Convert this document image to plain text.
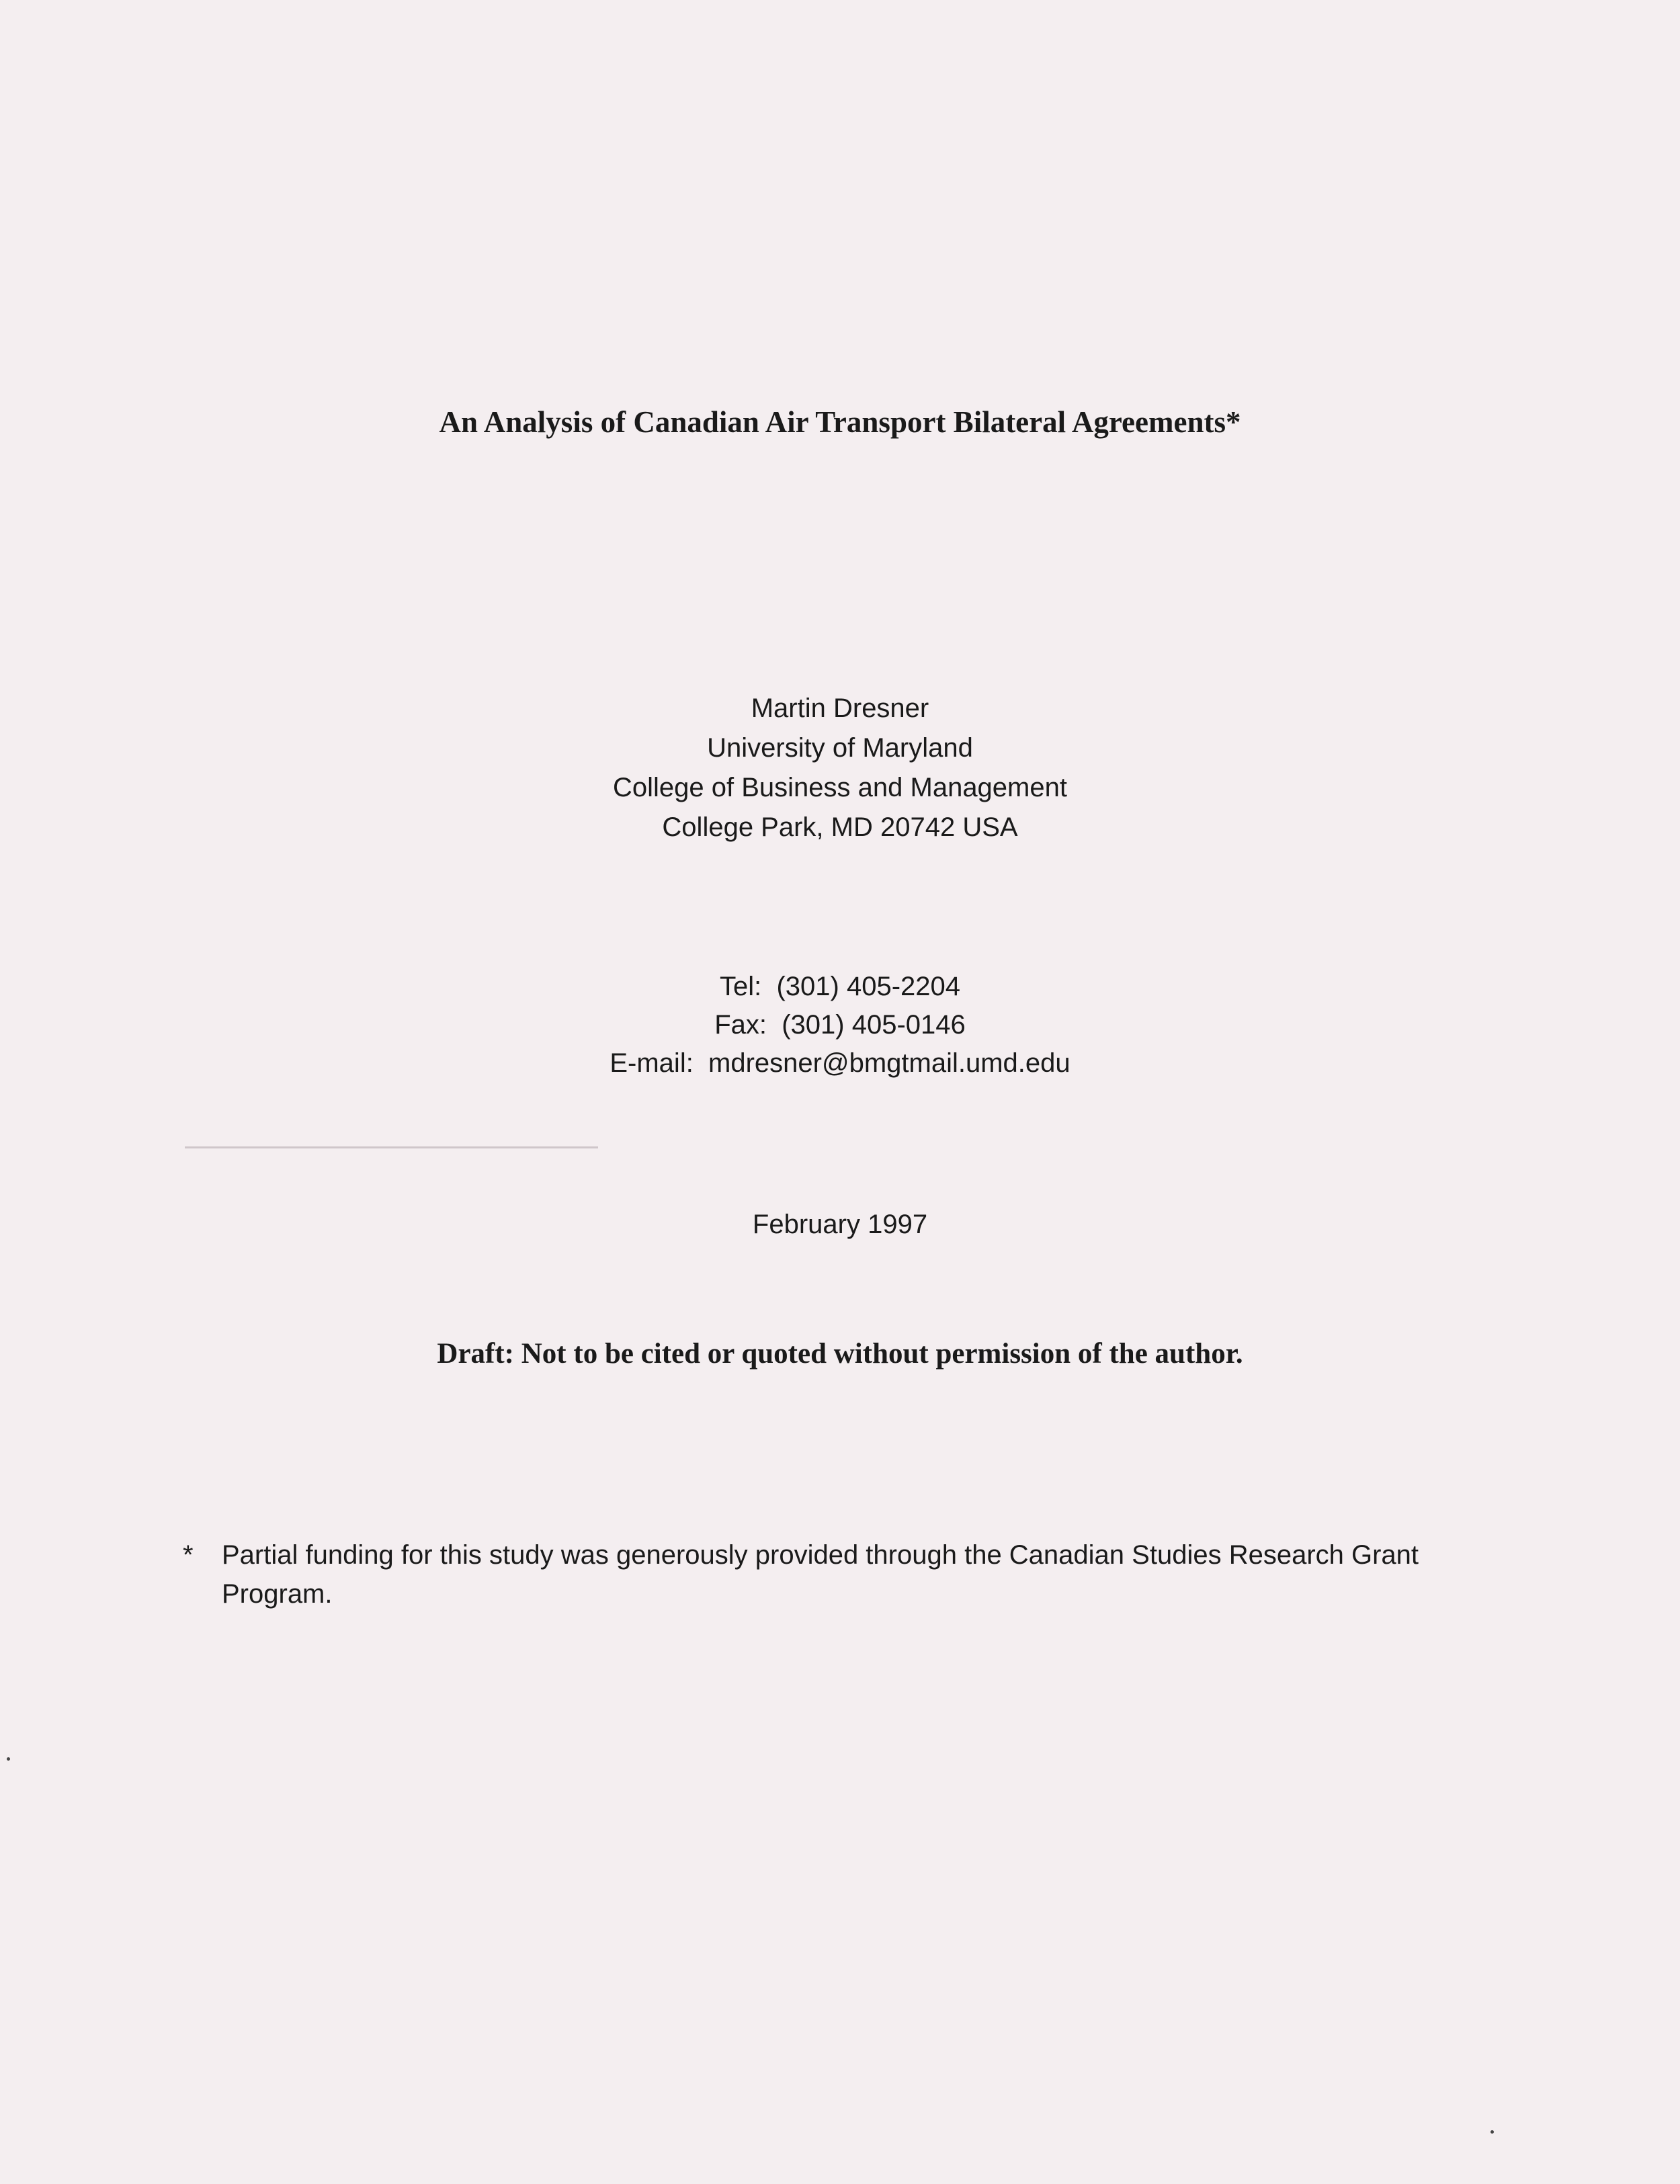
An Analysis of Canadian Air Transport Bilateral Agreements*
Martin Dresner
University of Maryland
College of Business and Management
College Park, MD 20742 USA
Tel: (301) 405-2204
Fax: (301) 405-0146
E-mail: mdresner@bmgtmail.umd.edu
February 1997
Draft: Not to be cited or quoted without permission of the author.
* Partial funding for this study was generously provided through the Canadian Studies Research Grant Program.
